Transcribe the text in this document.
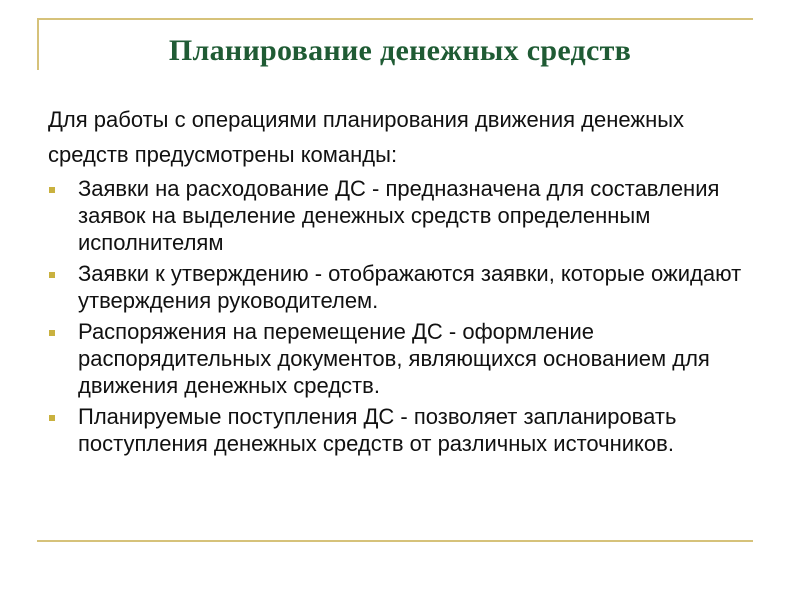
Планирование денежных средств

Для работы с операциями планирования движения денежных средств предусмотрены команды:

Заявки на расходование ДС - предназначена для составления заявок на выделение денежных средств определенным исполнителям
Заявки к утверждению - отображаются заявки, которые ожидают утверждения руководителем.
Распоряжения на перемещение ДС - оформление распорядительных документов, являющихся основанием для движения денежных средств.
Планируемые поступления ДС - позволяет запланировать поступления денежных средств от различных источников.
